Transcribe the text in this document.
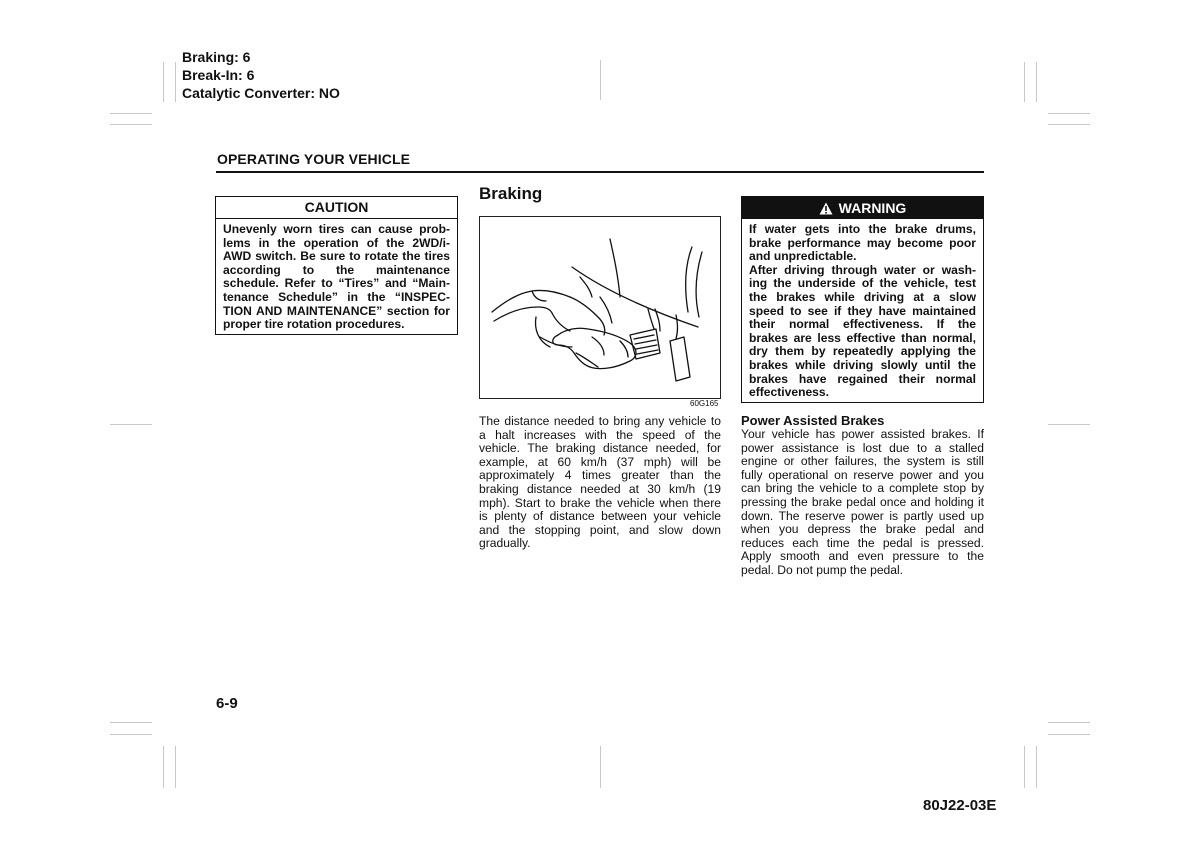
Braking: 6
Break-In: 6
Catalytic Converter: NO
OPERATING YOUR VEHICLE
CAUTION
Unevenly worn tires can cause prob-lems in the operation of the 2WD/i-AWD switch. Be sure to rotate the tires according to the maintenance schedule. Refer to “Tires” and “Main-tenance Schedule” in the “INSPEC-TION AND MAINTENANCE” section for proper tire rotation procedures.
Braking
60G165
The distance needed to bring any vehicle to a halt increases with the speed of the vehicle. The braking distance needed, for example, at 60 km/h (37 mph) will be approximately 4 times greater than the braking distance needed at 30 km/h (19 mph). Start to brake the vehicle when there is plenty of distance between your vehicle and the stopping point, and slow down gradually.
WARNING
If water gets into the brake drums, brake performance may become poor and unpredictable.
After driving through water or wash-ing the underside of the vehicle, test the brakes while driving at a slow speed to see if they have maintained their normal effectiveness. If the brakes are less effective than normal, dry them by repeatedly applying the brakes while driving slowly until the brakes have regained their normal effectiveness.
Power Assisted Brakes
Your vehicle has power assisted brakes. If power assistance is lost due to a stalled engine or other failures, the system is still fully operational on reserve power and you can bring the vehicle to a complete stop by pressing the brake pedal once and holding it down. The reserve power is partly used up when you depress the brake pedal and reduces each time the pedal is pressed. Apply smooth and even pressure to the pedal. Do not pump the pedal.
6-9
80J22-03E
